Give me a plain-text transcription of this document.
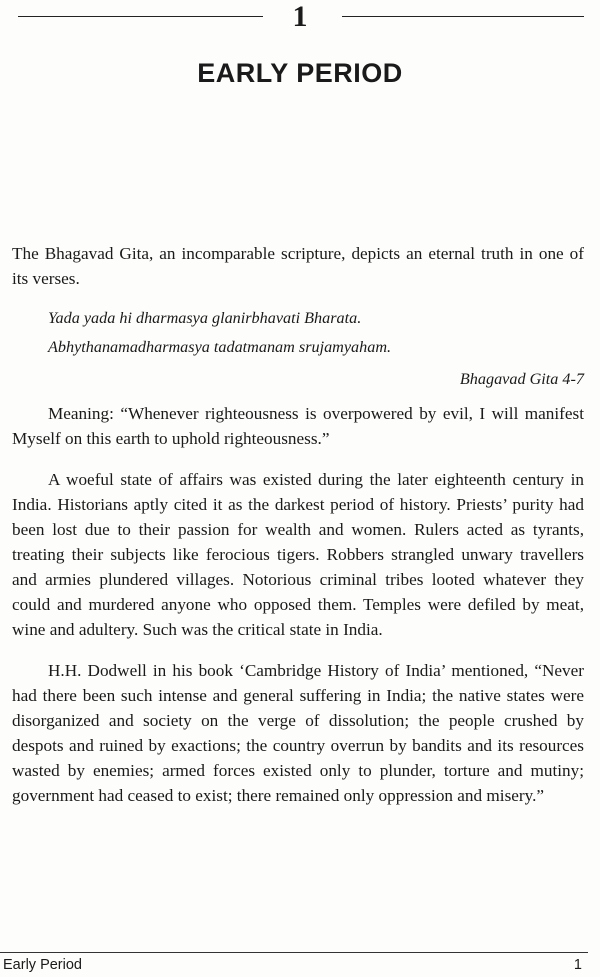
1
EARLY PERIOD

The Bhagavad Gita, an incomparable scripture, depicts an eternal truth in one of its verses.

Yada yada hi dharmasya glanirbhavati Bharata.
Abhythanamadharmasya tadatmanam srujamyaham.

Bhagavad Gita 4-7

Meaning: “Whenever righteousness is overpowered by evil, I will manifest Myself on this earth to uphold righteousness.”

A woeful state of affairs was existed during the later eighteenth century in India. Historians aptly cited it as the darkest period of history. Priests’ purity had been lost due to their passion for wealth and women. Rulers acted as tyrants, treating their subjects like ferocious tigers. Robbers strangled unwary travellers and armies plundered villages. Notorious criminal tribes looted whatever they could and murdered anyone who opposed them. Temples were defiled by meat, wine and adultery. Such was the critical state in India.

H.H. Dodwell in his book ‘Cambridge History of India’ mentioned, “Never had there been such intense and general suffering in India; the native states were disorganized and society on the verge of dissolution; the people crushed by despots and ruined by exactions; the country overrun by bandits and its resources wasted by enemies; armed forces existed only to plunder, torture and mutiny; government had ceased to exist; there remained only oppression and misery.”

Early Period	1
